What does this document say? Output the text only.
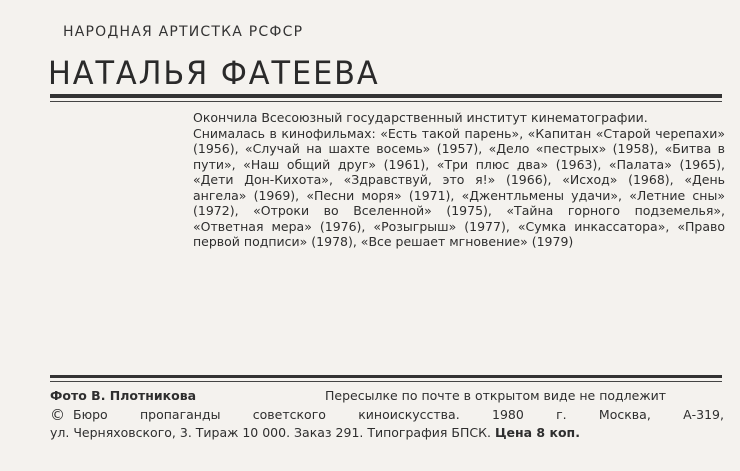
НАРОДНАЯ АРТИСТКА РСФСР
НАТАЛЬЯ ФАТЕЕВА

Окончила Всесоюзный государственный институт кинематографии.

Снималась в кинофильмах: «Есть такой парень», «Капитан «Старой черепахи» (1956), «Случай на шахте восемь» (1957), «Дело «пестрых» (1958), «Битва в пути», «Наш общий друг» (1961), «Три плюс два» (1963), «Палата» (1965), «Дети Дон-Кихота», «Здравствуй, это я!» (1966), «Исход» (1968), «День ангела» (1969), «Песни моря» (1971), «Джентльмены удачи», «Летние сны» (1972), «Отроки во Вселенной» (1975), «Тайна горного подземелья», «Ответная мера» (1976), «Розыгрыш» (1977), «Сумка инкассатора», «Право первой подписи» (1978), «Все решает мгновение» (1979)

Фото В. Плотникова	Пересылке по почте в открытом виде не подлежит
© Бюро пропаганды советского киноискусства. 1980 г. Москва, А-319,
ул. Черняховского, 3. Тираж 10 000. Заказ 291. Типография БПСК. Цена 8 коп.
